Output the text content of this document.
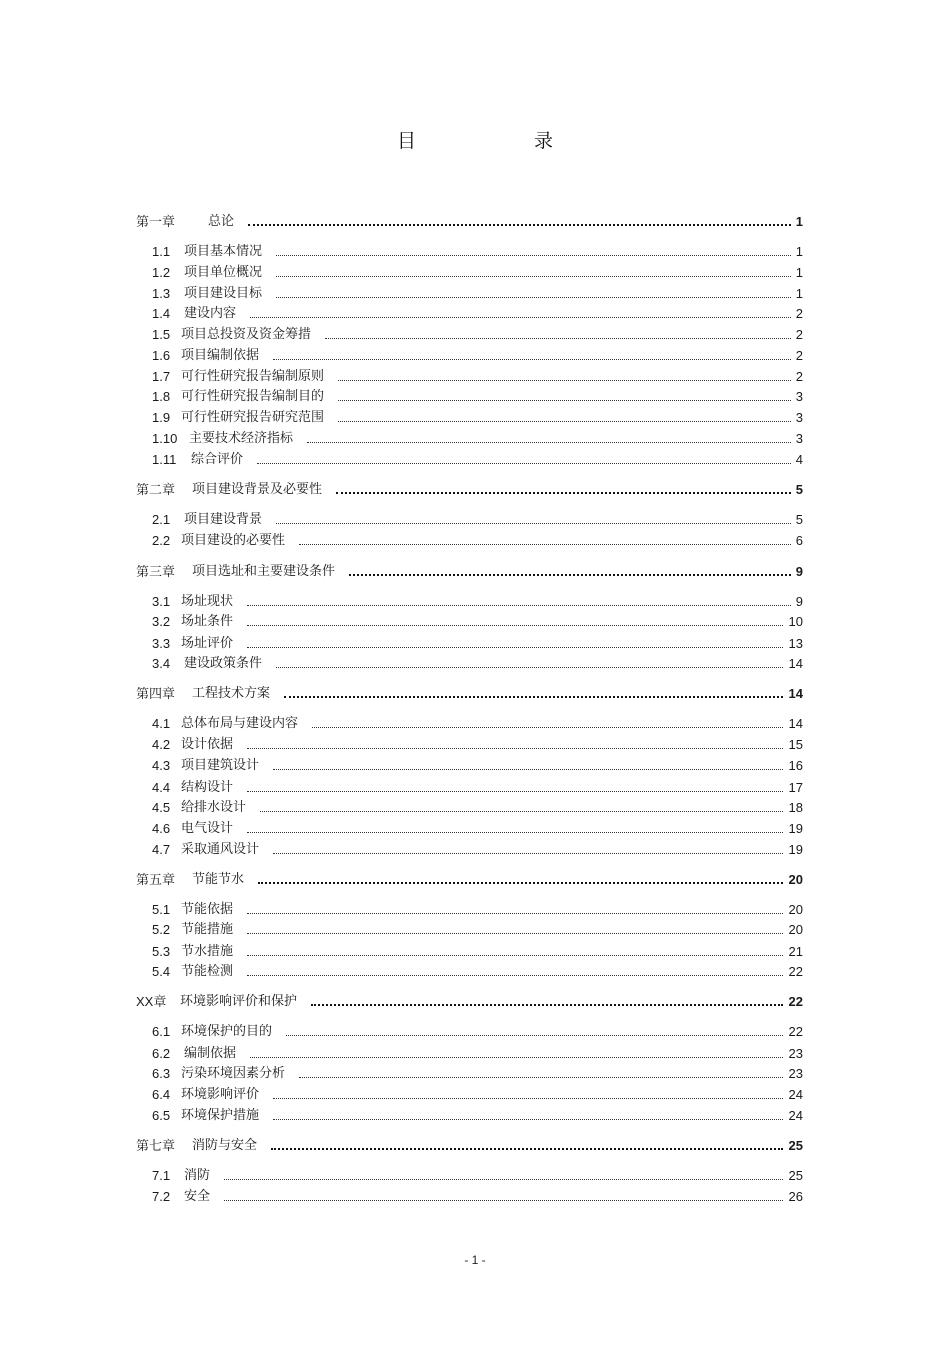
目 录
第一章	总论	1
1.1 项目基本情况	1
1.2 项目单位概况	1
1.3 项目建设目标	1
1.4 建设内容	2
1.5 项目总投资及资金筹措	2
1.6 项目编制依据	2
1.7 可行性研究报告编制原则	2
1.8 可行性研究报告编制目的	3
1.9 可行性研究报告研究范围	3
1.10 主要技术经济指标	3
1.11 综合评价	4
第二章 项目建设背景及必要性	5
2.1 项目建设背景	5
2.2 项目建设的必要性	6
第三章 项目选址和主要建设条件	9
3.1 场址现状	9
3.2 场址条件	10
3.3 场址评价	13
3.4 建设政策条件	14
第四章 工程技术方案	14
4.1 总体布局与建设内容	14
4.2 设计依据	15
4.3 项目建筑设计	16
4.4 结构设计	17
4.5 给排水设计	18
4.6 电气设计	19
4.7 采取通风设计	19
第五章 节能节水	20
5.1 节能依据	20
5.2 节能措施	20
5.3 节水措施	21
5.4 节能检测	22
XX章 环境影响评价和保护	22
6.1 环境保护的目的	22
6.2 编制依据	23
6.3 污染环境因素分析	23
6.4 环境影响评价	24
6.5 环境保护措施	24
第七章 消防与安全	25
7.1 消防	25
7.2 安全	26
- 1 -
